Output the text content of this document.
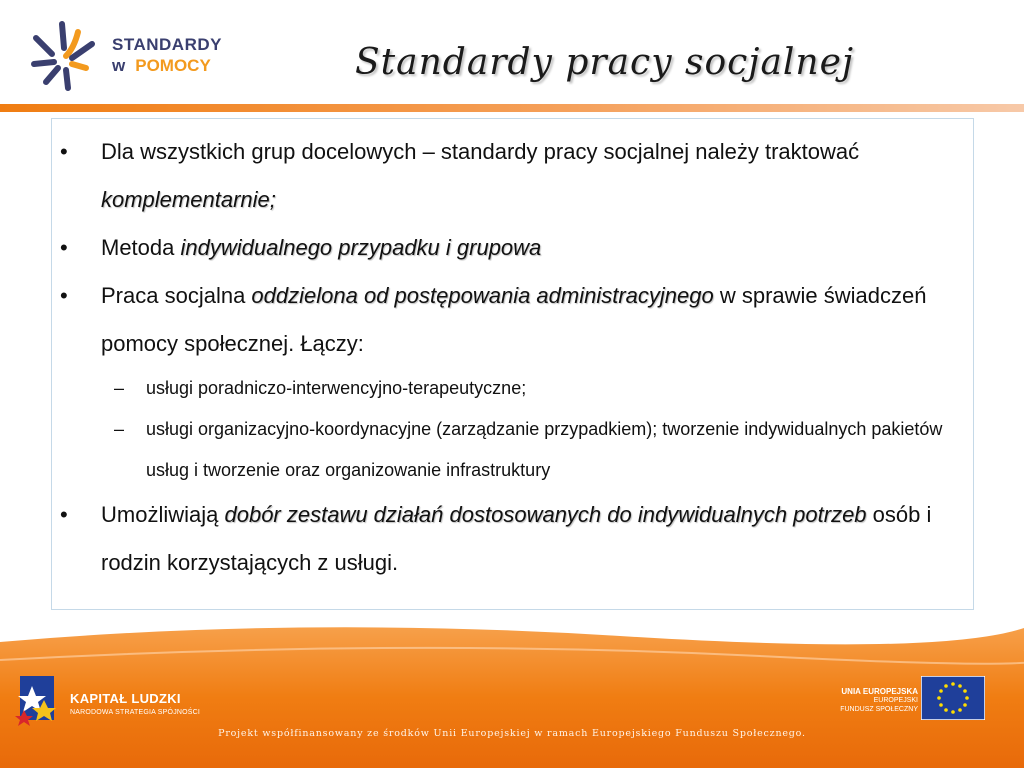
STANDARDY
w POMOCY	Standardy pracy socjalnej
• Dla wszystkich grup docelowych – standardy pracy socjalnej należy traktować komplementarnie;
• Metoda indywidualnego przypadku i grupowa
• Praca socjalna oddzielona od postępowania administracyjnego w sprawie świadczeń pomocy społecznej. Łączy:
– usługi poradniczo-interwencyjno-terapeutyczne;
– usługi organizacyjno-koordynacyjne (zarządzanie przypadkiem); tworzenie indywidualnych pakietów usług i tworzenie oraz organizowanie infrastruktury
• Umożliwiają dobór zestawu działań dostosowanych do indywidualnych potrzeb osób i rodzin korzystających z usługi.
KAPITAŁ LUDZKI
NARODOWA STRATEGIA SPÓJNOŚCI
UNIA EUROPEJSKA
EUROPEJSKI
FUNDUSZ SPOŁECZNY
Projekt współfinansowany ze środków Unii Europejskiej w ramach Europejskiego Funduszu Społecznego.
